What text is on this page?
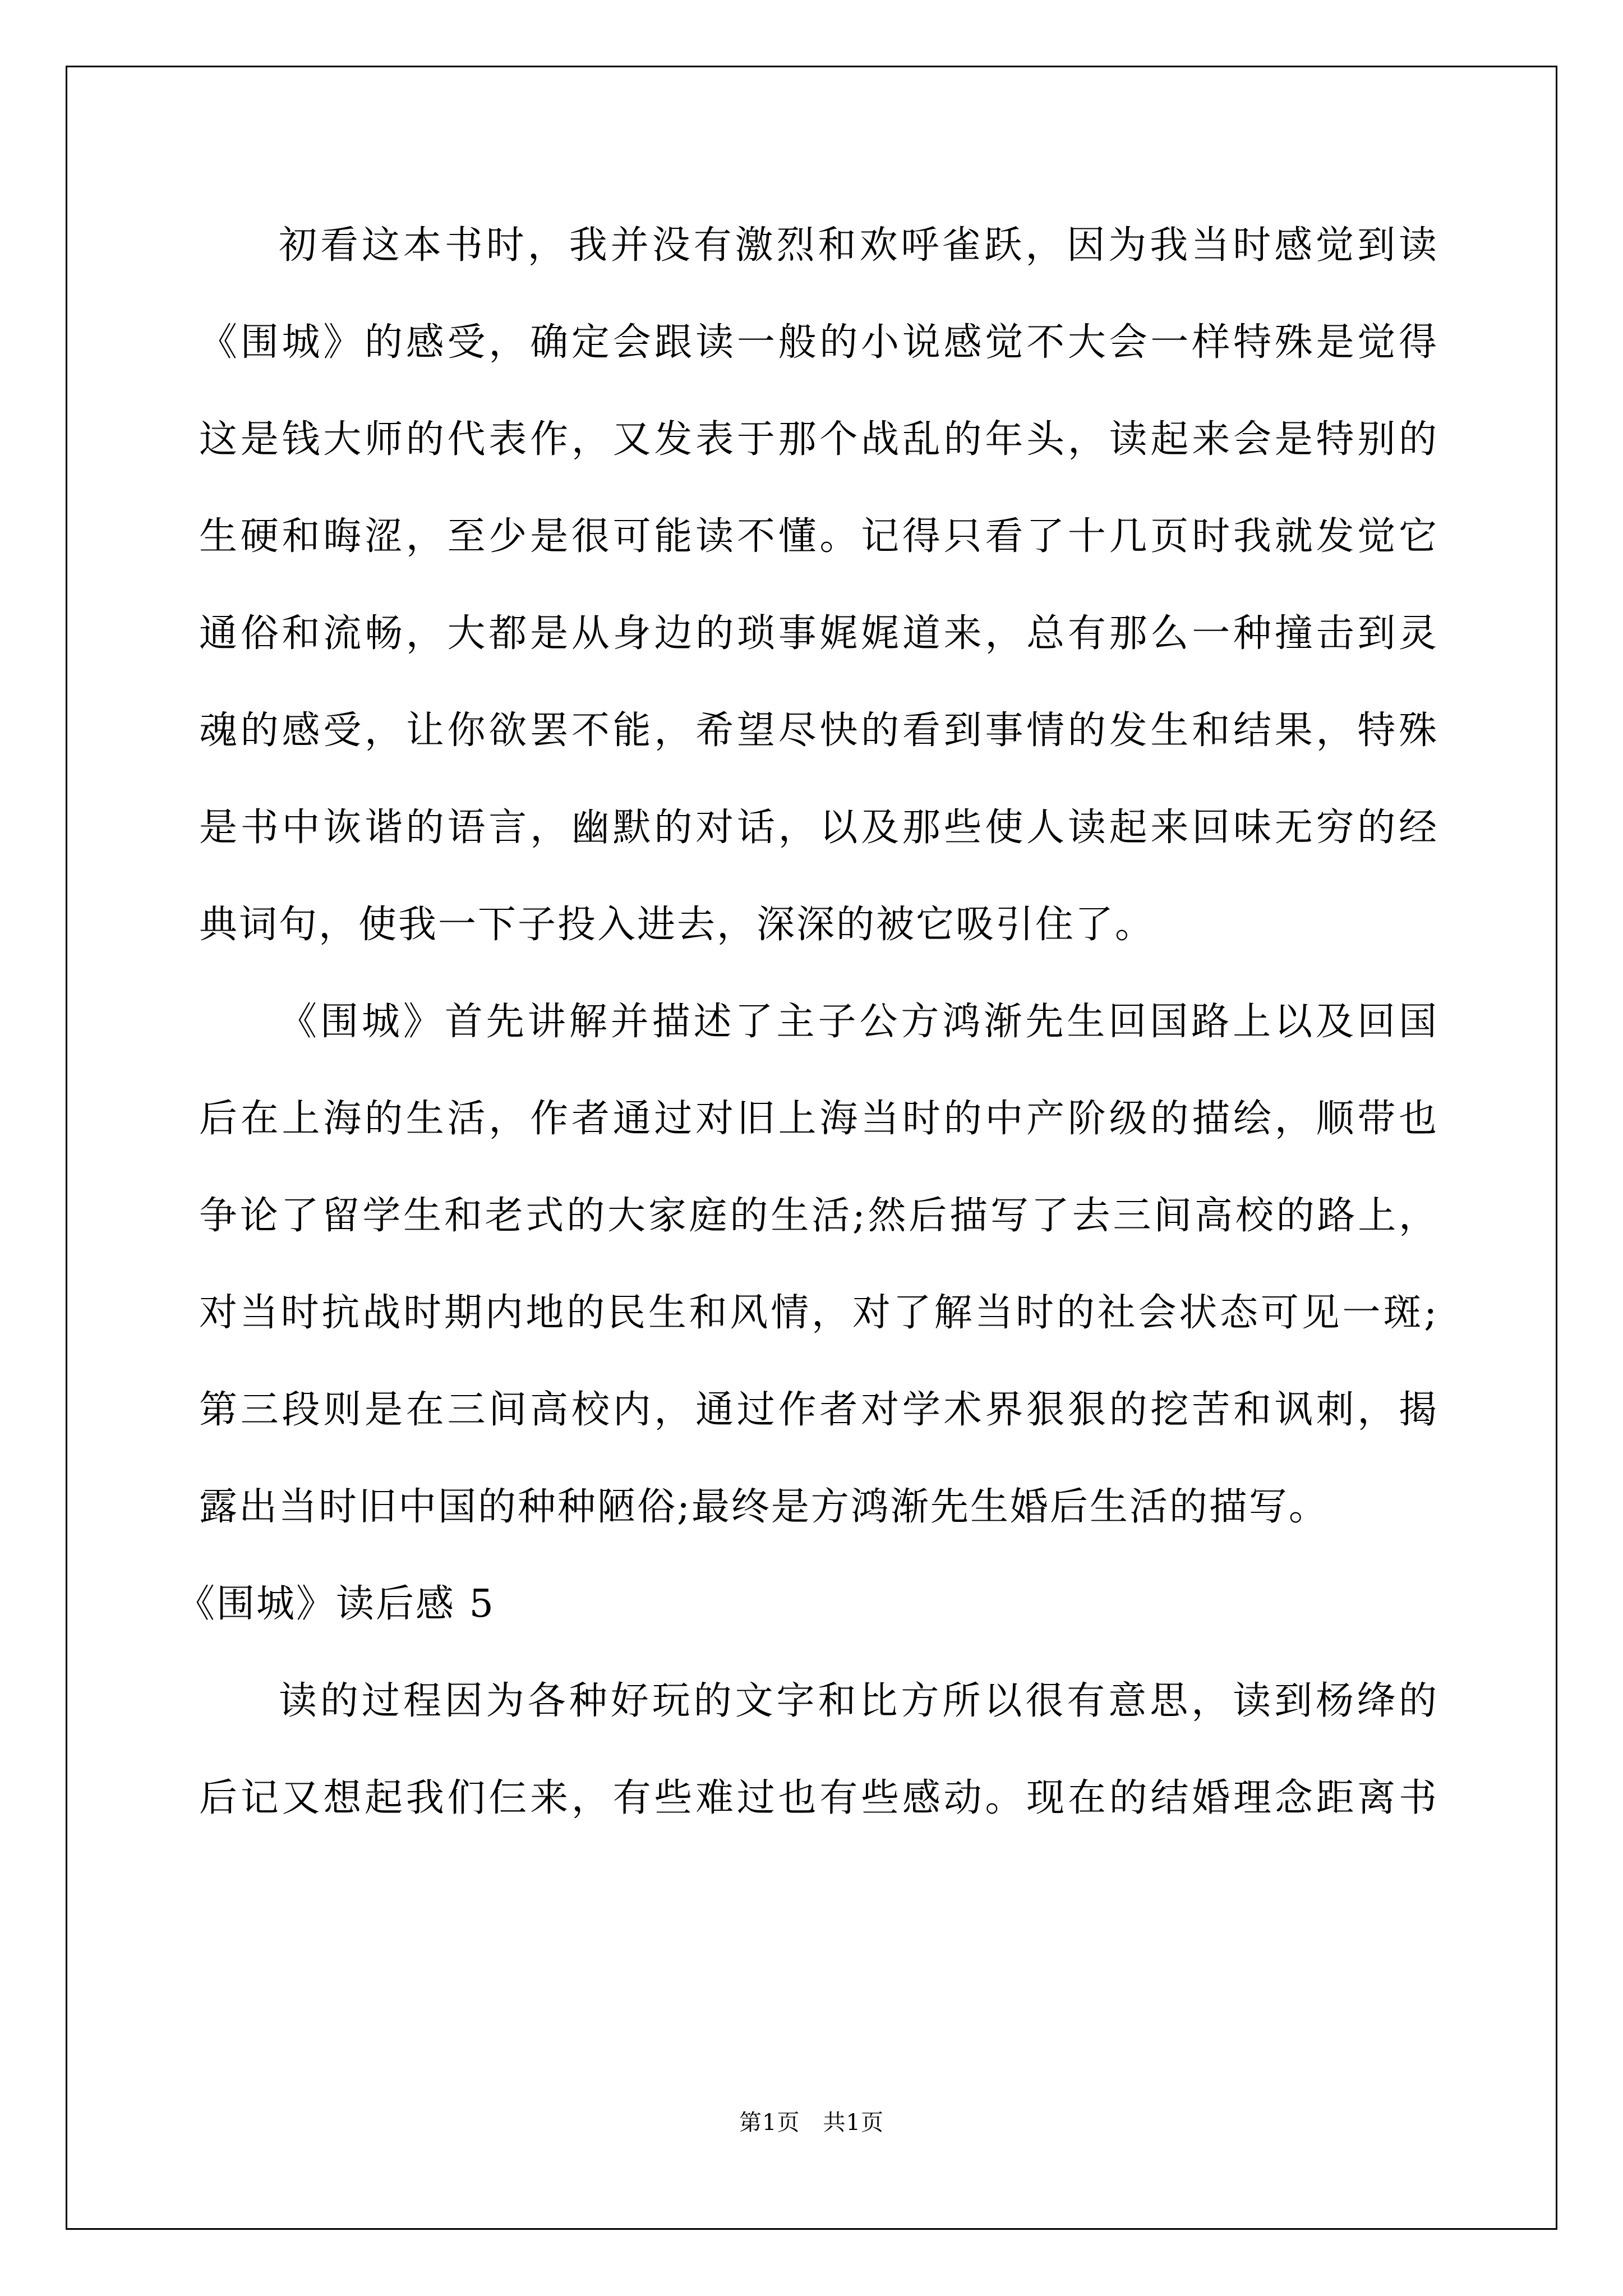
初看这本书时，我并没有激烈和欢呼雀跃，因为我当时感觉到读
《围城》的感受，确定会跟读一般的小说感觉不大会一样特殊是觉得
这是钱大师的代表作，又发表于那个战乱的年头，读起来会是特别的
生硬和晦涩，至少是很可能读不懂。记得只看了十几页时我就发觉它
通俗和流畅，大都是从身边的琐事娓娓道来，总有那么一种撞击到灵
魂的感受，让你欲罢不能，希望尽快的看到事情的发生和结果，特殊
是书中诙谐的语言，幽默的对话，以及那些使人读起来回味无穷的经
典词句，使我一下子投入进去，深深的被它吸引住了。
《围城》首先讲解并描述了主子公方鸿渐先生回国路上以及回国
后在上海的生活，作者通过对旧上海当时的中产阶级的描绘，顺带也
争论了留学生和老式的大家庭的生活;然后描写了去三间高校的路上，
对当时抗战时期内地的民生和风情，对了解当时的社会状态可见一斑;
第三段则是在三间高校内，通过作者对学术界狠狠的挖苦和讽刺，揭
露出当时旧中国的种种陋俗;最终是方鸿渐先生婚后生活的描写。
《围城》读后感 5
读的过程因为各种好玩的文字和比方所以很有意思，读到杨绛的
后记又想起我们仨来，有些难过也有些感动。现在的结婚理念距离书
第1页　共1页
